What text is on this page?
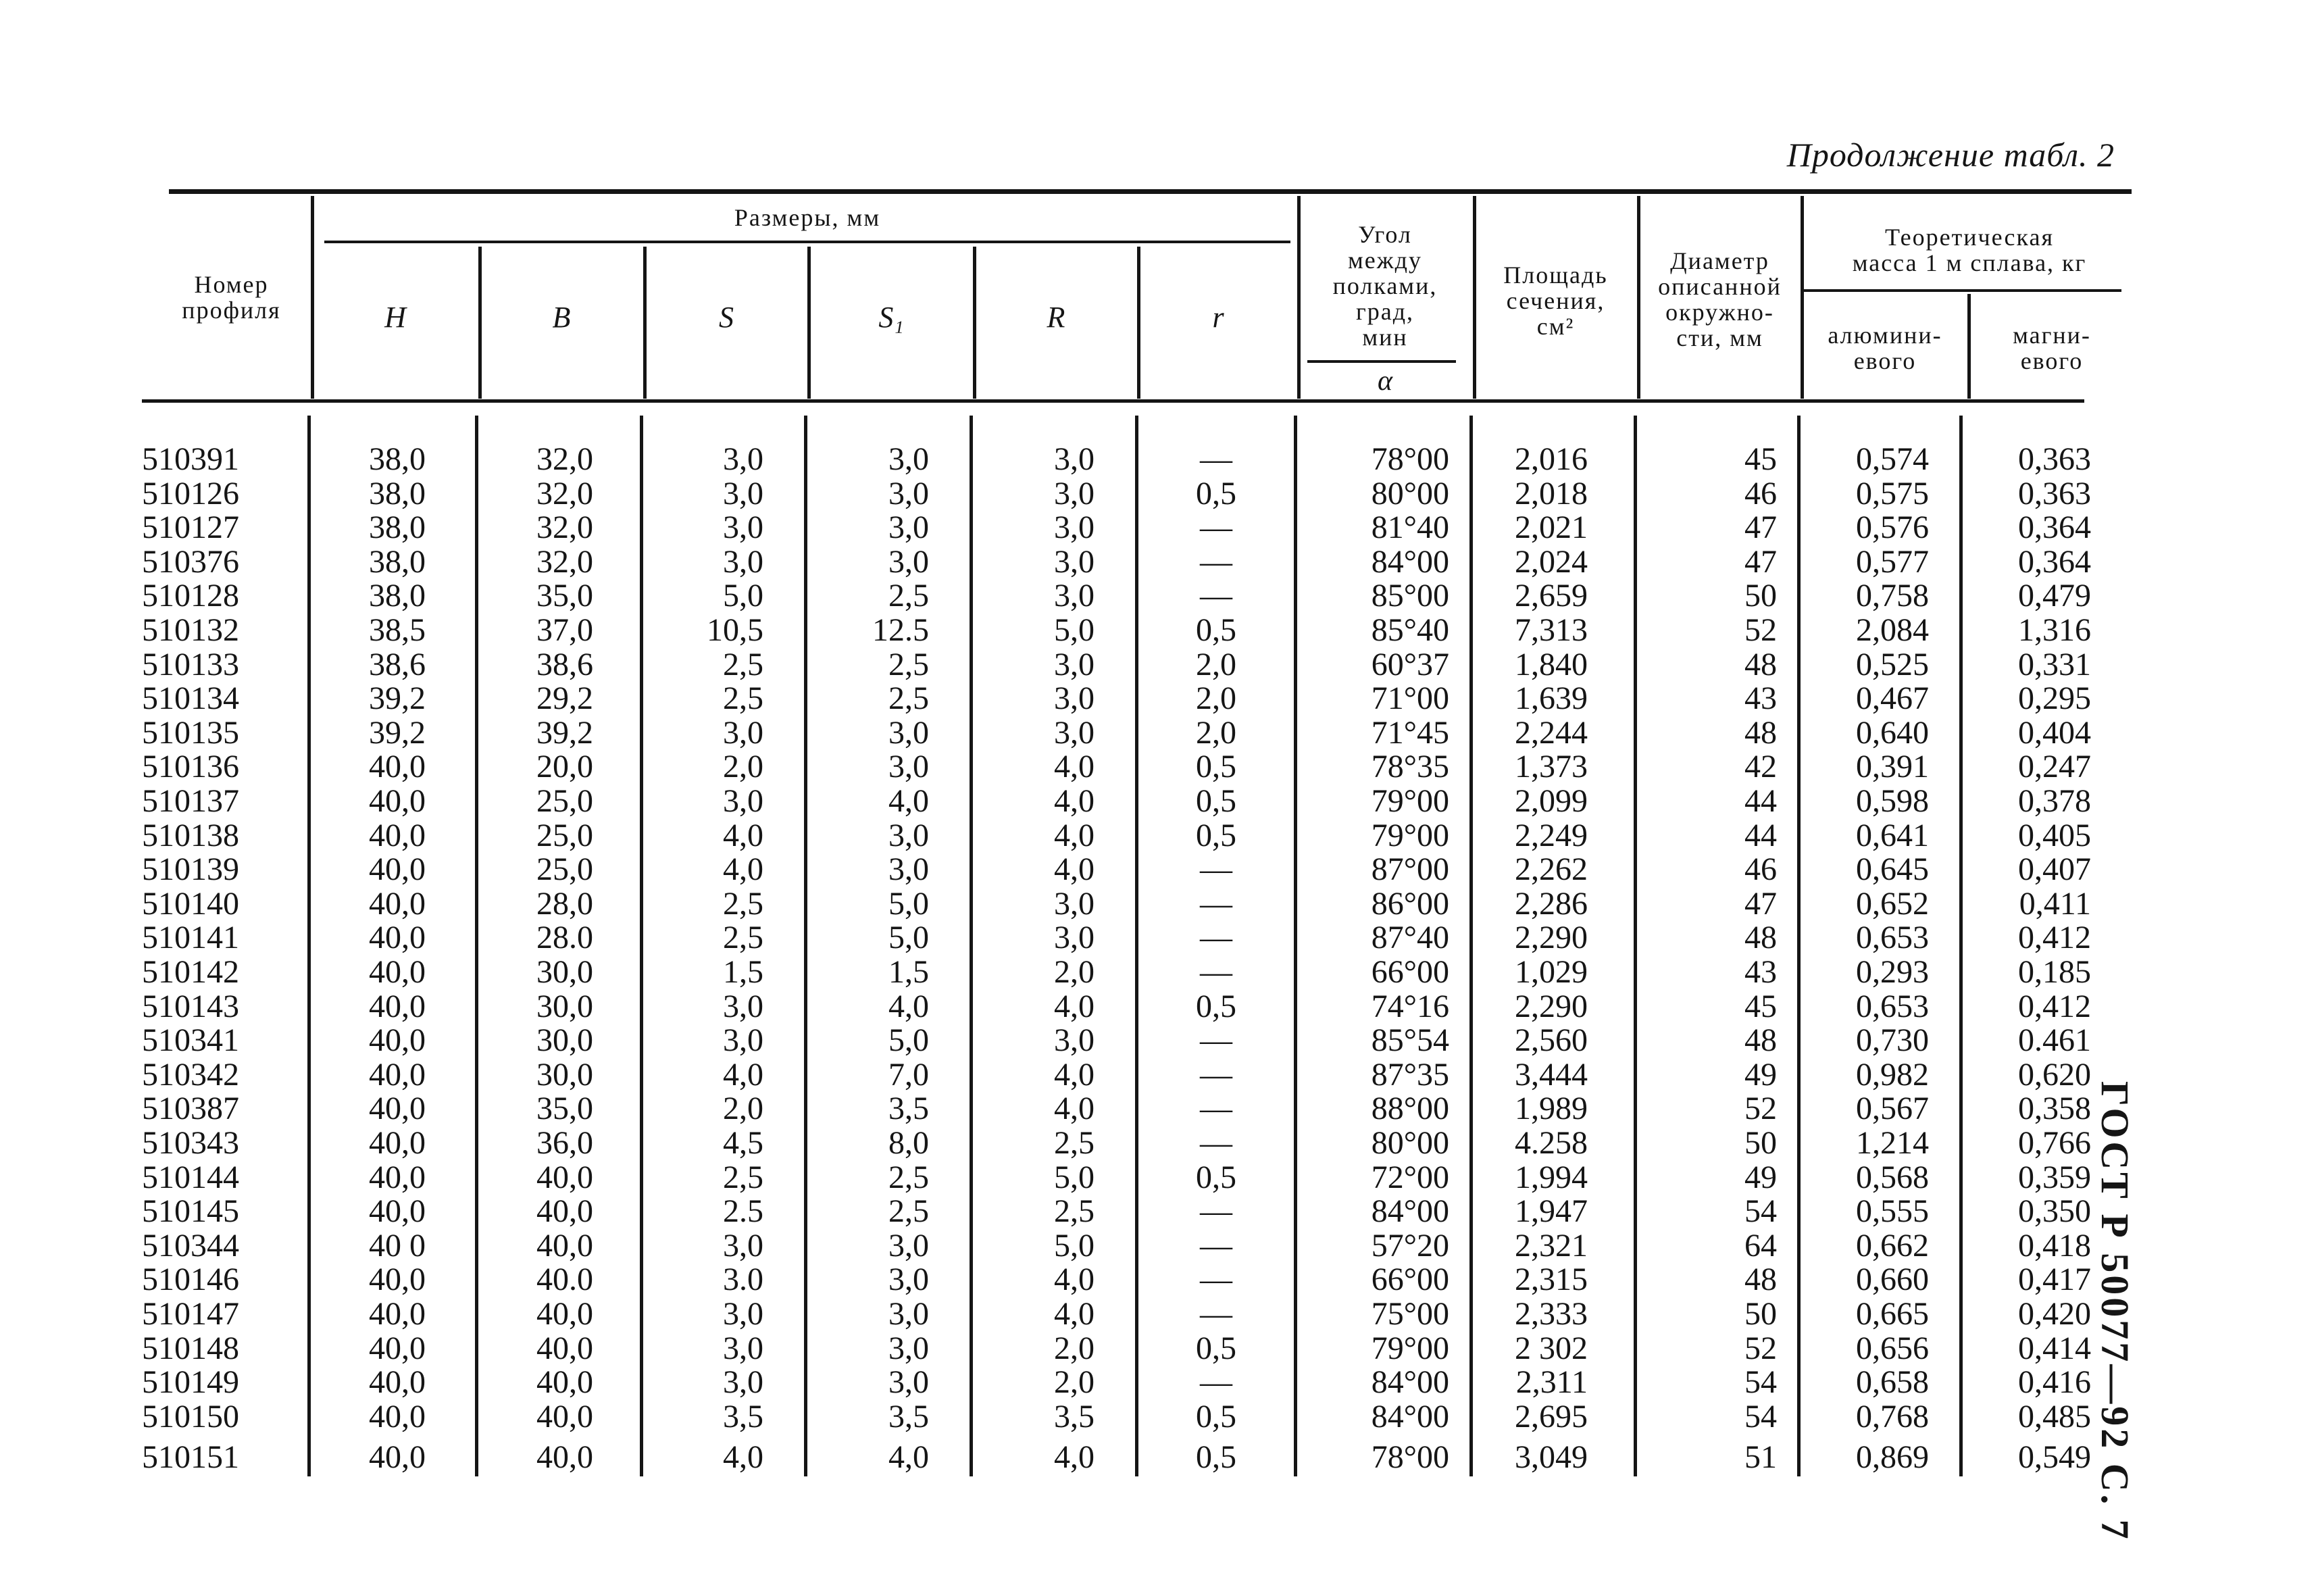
Продолжение табл. 2
Номер
профиля
Размеры, мм
H	B	S	S₁	R	r
Угол
между
полками,
град,
мин
α
Площадь
сечения,
см²
Диаметр
описанной
окружно-
сти, мм
Теоретическая
масса 1 м сплава, кг
алюмини-
евого
магни-
евого
510391	38,0	32,0	3,0	3,0	3,0	—	78°00	2,016	45	0,574	0,363
510126	38,0	32,0	3,0	3,0	3,0	0,5	80°00	2,018	46	0,575	0,363
510127	38,0	32,0	3,0	3,0	3,0	—	81°40	2,021	47	0,576	0,364
510376	38,0	32,0	3,0	3,0	3,0	—	84°00	2,024	47	0,577	0,364
510128	38,0	35,0	5,0	2,5	3,0	—	85°00	2,659	50	0,758	0,479
510132	38,5	37,0	10,5	12.5	5,0	0,5	85°40	7,313	52	2,084	1,316
510133	38,6	38,6	2,5	2,5	3,0	2,0	60°37	1,840	48	0,525	0,331
510134	39,2	29,2	2,5	2,5	3,0	2,0	71°00	1,639	43	0,467	0,295
510135	39,2	39,2	3,0	3,0	3,0	2,0	71°45	2,244	48	0,640	0,404
510136	40,0	20,0	2,0	3,0	4,0	0,5	78°35	1,373	42	0,391	0,247
510137	40,0	25,0	3,0	4,0	4,0	0,5	79°00	2,099	44	0,598	0,378
510138	40,0	25,0	4,0	3,0	4,0	0,5	79°00	2,249	44	0,641	0,405
510139	40,0	25,0	4,0	3,0	4,0	—	87°00	2,262	46	0,645	0,407
510140	40,0	28,0	2,5	5,0	3,0	—	86°00	2,286	47	0,652	0,411
510141	40,0	28.0	2,5	5,0	3,0	—	87°40	2,290	48	0,653	0,412
510142	40,0	30,0	1,5	1,5	2,0	—	66°00	1,029	43	0,293	0,185
510143	40,0	30,0	3,0	4,0	4,0	0,5	74°16	2,290	45	0,653	0,412
510341	40,0	30,0	3,0	5,0	3,0	—	85°54	2,560	48	0,730	0.461
510342	40,0	30,0	4,0	7,0	4,0	—	87°35	3,444	49	0,982	0,620
510387	40,0	35,0	2,0	3,5	4,0	—	88°00	1,989	52	0,567	0,358
510343	40,0	36,0	4,5	8,0	2,5	—	80°00	4.258	50	1,214	0,766
510144	40,0	40,0	2,5	2,5	5,0	0,5	72°00	1,994	49	0,568	0,359
510145	40,0	40,0	2.5	2,5	2,5	—	84°00	1,947	54	0,555	0,350
510344	40 0	40,0	3,0	3,0	5,0	—	57°20	2,321	64	0,662	0,418
510146	40,0	40.0	3.0	3,0	4,0	—	66°00	2,315	48	0,660	0,417
510147	40,0	40,0	3,0	3,0	4,0	—	75°00	2,333	50	0,665	0,420
510148	40,0	40,0	3,0	3,0	2,0	0,5	79°00	2 302	52	0,656	0,414
510149	40,0	40,0	3,0	3,0	2,0	—	84°00	2,311	54	0,658	0,416
510150	40,0	40,0	3,5	3,5	3,5	0,5	84°00	2,695	54	0,768	0,485
510151	40,0	40,0	4,0	4,0	4,0	0,5	78°00	3,049	51	0,869	0,549 ГОСТ Р 50077—92 С. 7
